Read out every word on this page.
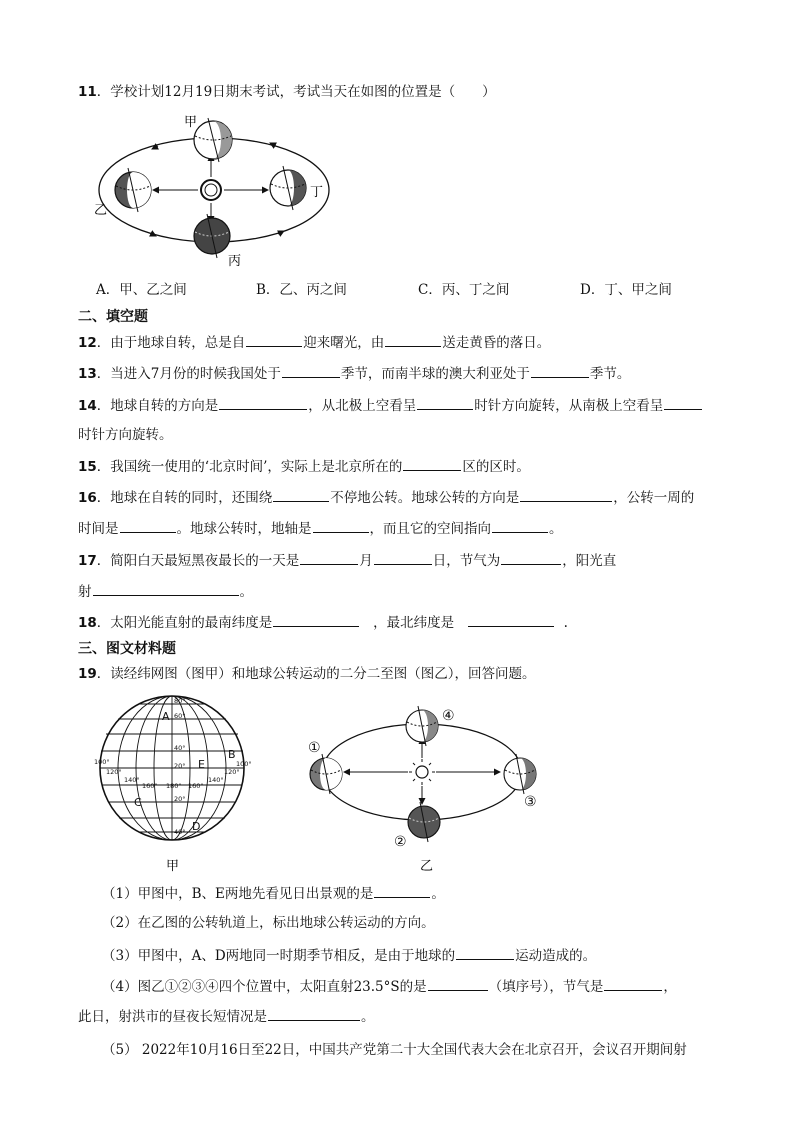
11．学校计划12月19日期末考试，考试当天在如图的位置是（　　）
甲
乙
丙
丁
A．甲、乙之间	B．乙、丙之间	C．丙、丁之间	D．丁、甲之间
二、填空题
12．由于地球自转，总是自	迎来曙光，由	送走黄昏的落日。
13．当进入7月份的时候我国处于	季节，而南半球的澳大利亚处于	季节。
14．地球自转的方向是	，从北极上空看呈	时针方向旋转，从南极上空看呈
时针方向旋转。
15．我国统一使用的‘北京时间’，实际上是北京所在的	区的区时。
16．地球在自转的同时，还围绕	不停地公转。地球公转的方向是	，公转一周的
时间是	。地球公转时，地轴是	，而且它的空间指向	。
17．简阳白天最短黑夜最长的一天是	月	日，节气为	，阳光直
射	。
18．太阳光能直射的最南纬度是	，最北纬度是	.
三、图文材料题
19．读经纬网图（图甲）和地球公转运动的二分二至图（图乙），回答问题。
60°
40°
20°
20°
40°
80°
100°
120°
140°
160° 180° 160°
140°
120°
100°
A
B
C
D
E
甲
④
①
③
②
乙
（1）甲图中，B、E两地先看见日出景观的是	。
（2）在乙图的公转轨道上，标出地球公转运动的方向。
（3）甲图中，A、D两地同一时期季节相反，是由于地球的	运动造成的。
（4）图乙①②③④四个位置中，太阳直射23.5°S的是	（填序号），节气是	，
此日，射洪市的昼夜长短情况是	。
（5） 2022年10月16日至22日，中国共产党第二十大全国代表大会在北京召开，会议召开期间射
